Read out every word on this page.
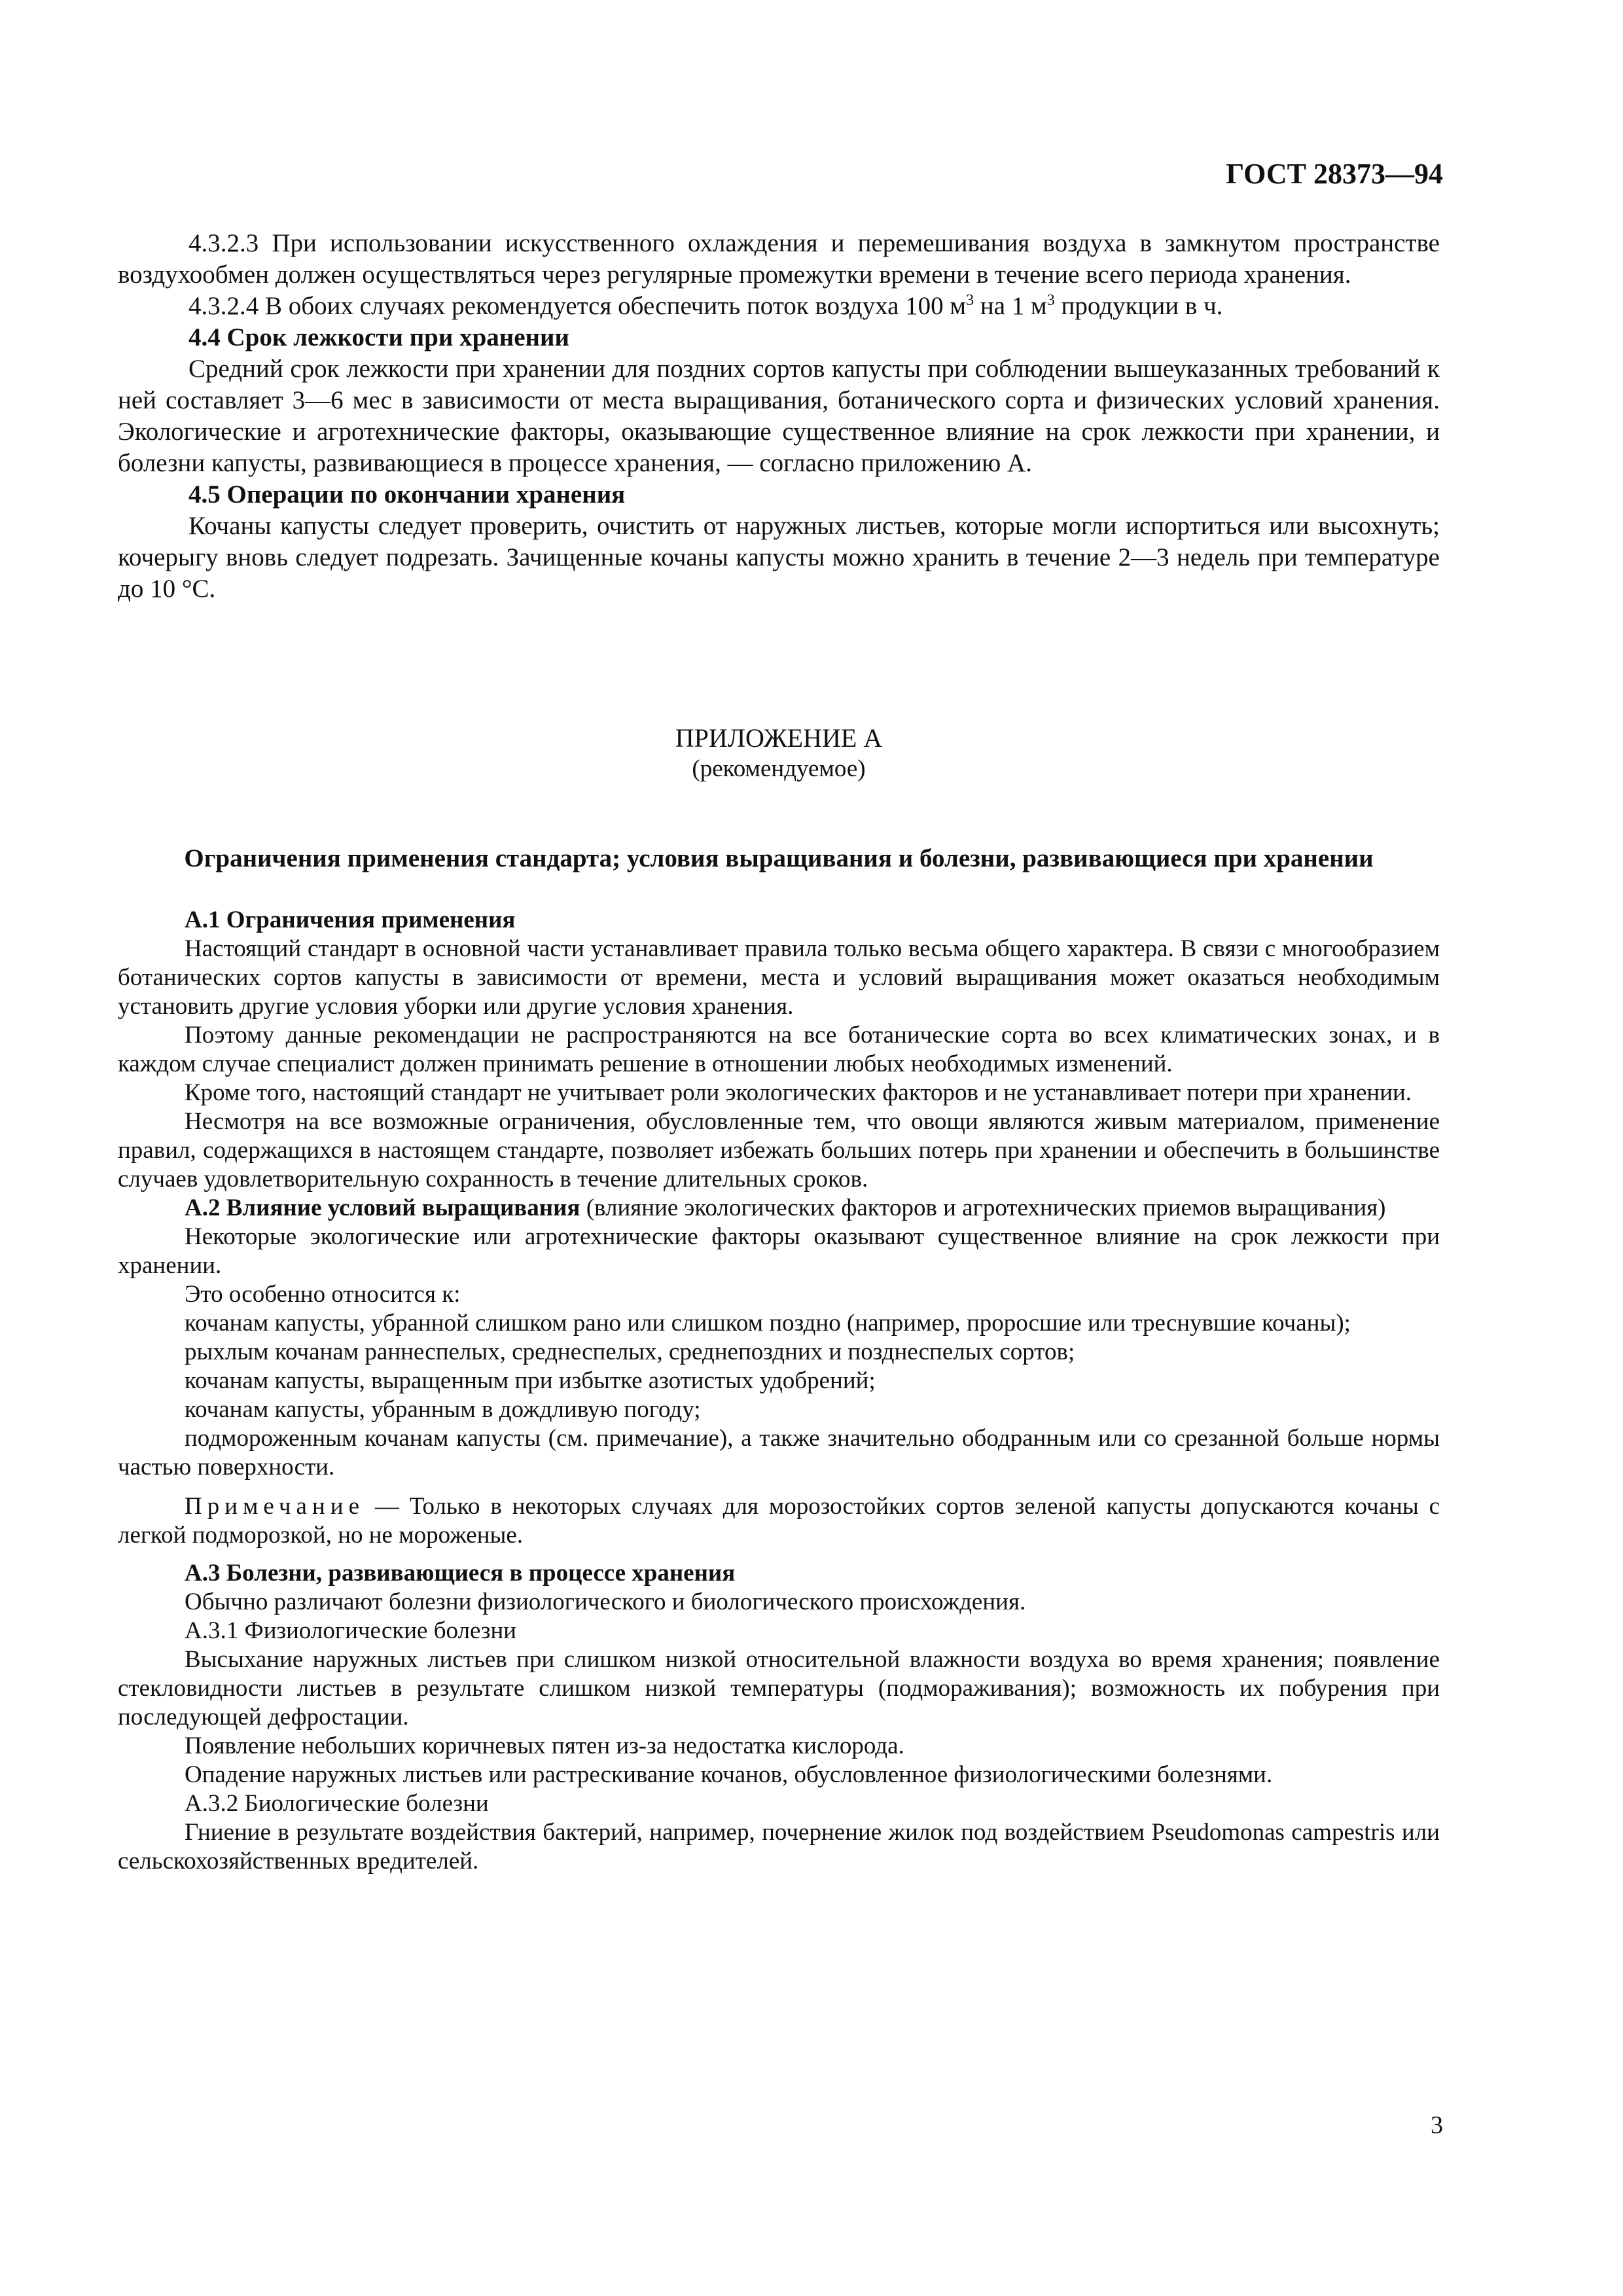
ГОСТ 28373—94

4.3.2.3 При использовании искусственного охлаждения и перемешивания воздуха в замкнутом пространстве воздухообмен должен осуществляться через регулярные промежутки времени в течение всего периода хранения.

4.3.2.4 В обоих случаях рекомендуется обеспечить поток воздуха 100 $м^3$ на 1 $м^3$ продукции в ч.

4.4 Срок лежкости при хранении

Средний срок лежкости при хранении для поздних сортов капусты при соблюдении вышеуказанных требований к ней составляет 3—6 мес в зависимости от места выращивания, ботанического сорта и физических условий хранения. Экологические и агротехнические факторы, оказывающие существенное влияние на срок лежкости при хранении, и болезни капусты, развивающиеся в процессе хранения, — согласно приложению А.

4.5 Операции по окончании хранения

Кочаны капусты следует проверить, очистить от наружных листьев, которые могли испортиться или высохнуть; кочерыгу вновь следует подрезать. Зачищенные кочаны капусты можно хранить в течение 2—3 недель при температуре до 10 °С.

ПРИЛОЖЕНИЕ А
(рекомендуемое)
Ограничения применения стандарта; условия выращивания и болезни, развивающиеся при хранении

А.1 Ограничения применения

Настоящий стандарт в основной части устанавливает правила только весьма общего характера. В связи с многообразием ботанических сортов капусты в зависимости от времени, места и условий выращивания может оказаться необходимым установить другие условия уборки или другие условия хранения.

Поэтому данные рекомендации не распространяются на все ботанические сорта во всех климатических зонах, и в каждом случае специалист должен принимать решение в отношении любых необходимых изменений.

Кроме того, настоящий стандарт не учитывает роли экологических факторов и не устанавливает потери при хранении.

Несмотря на все возможные ограничения, обусловленные тем, что овощи являются живым материалом, применение правил, содержащихся в настоящем стандарте, позволяет избежать больших потерь при хранении и обеспечить в большинстве случаев удовлетворительную сохранность в течение длительных сроков.

А.2 Влияние условий выращивания (влияние экологических факторов и агротехнических приемов выращивания)

Некоторые экологические или агротехнические факторы оказывают существенное влияние на срок лежкости при хранении.

Это особенно относится к:

кочанам капусты, убранной слишком рано или слишком поздно (например, проросшие или треснувшие кочаны);

рыхлым кочанам раннеспелых, среднеспелых, среднепоздних и позднеспелых сортов;

кочанам капусты, выращенным при избытке азотистых удобрений;

кочанам капусты, убранным в дождливую погоду;

подмороженным кочанам капусты (см. примечание), а также значительно ободранным или со срезанной больше нормы частью поверхности.

Примечание — Только в некоторых случаях для морозостойких сортов зеленой капусты допускаются кочаны с легкой подморозкой, но не мороженые.

А.3 Болезни, развивающиеся в процессе хранения

Обычно различают болезни физиологического и биологического происхождения.

А.3.1 Физиологические болезни

Высыхание наружных листьев при слишком низкой относительной влажности воздуха во время хранения; появление стекловидности листьев в результате слишком низкой температуры (подмораживания); возможность их побурения при последующей дефростации.

Появление небольших коричневых пятен из-за недостатка кислорода.

Опадение наружных листьев или растрескивание кочанов, обусловленное физиологическими болезнями.

А.3.2 Биологические болезни

Гниение в результате воздействия бактерий, например, почернение жилок под воздействием Pseudomonas campestris или сельскохозяйственных вредителей.

3
